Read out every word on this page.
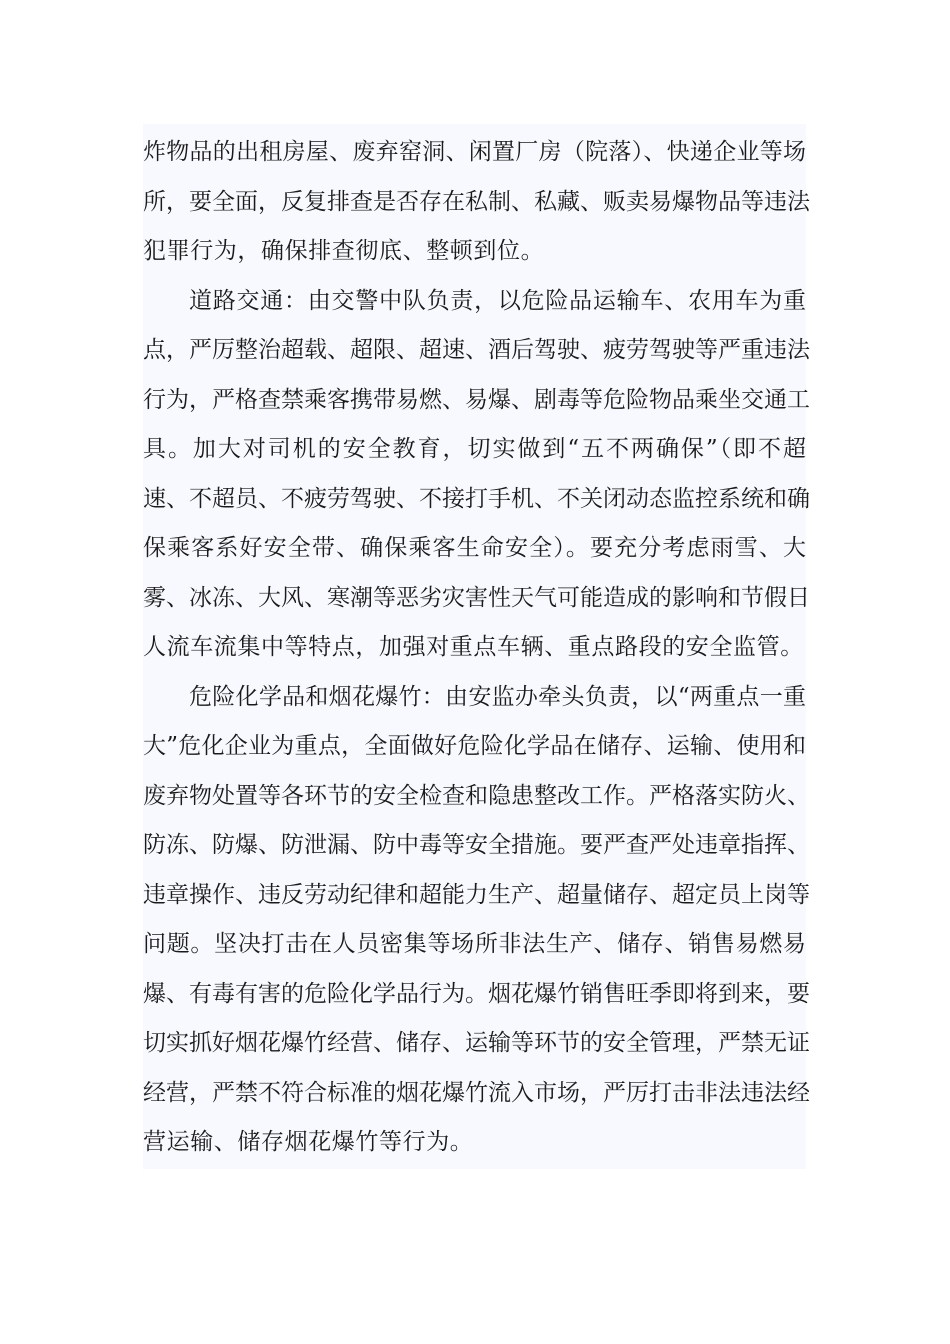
炸物品的出租房屋、废弃窑洞、闲置厂房（院落）、快递企业等场
所，要全面，反复排查是否存在私制、私藏、贩卖易爆物品等违法
犯罪行为，确保排查彻底、整顿到位。
道路交通：由交警中队负责，以危险品运输车、农用车为重
点，严厉整治超载、超限、超速、酒后驾驶、疲劳驾驶等严重违法
行为，严格查禁乘客携带易燃、易爆、剧毒等危险物品乘坐交通工
具。加大对司机的安全教育，切实做到“五不两确保”（即不超
速、不超员、不疲劳驾驶、不接打手机、不关闭动态监控系统和确
保乘客系好安全带、确保乘客生命安全）。要充分考虑雨雪、大
雾、冰冻、大风、寒潮等恶劣灾害性天气可能造成的影响和节假日
人流车流集中等特点，加强对重点车辆、重点路段的安全监管。
危险化学品和烟花爆竹：由安监办牵头负责，以“两重点一重
大”危化企业为重点，全面做好危险化学品在储存、运输、使用和
废弃物处置等各环节的安全检查和隐患整改工作。严格落实防火、
防冻、防爆、防泄漏、防中毒等安全措施。要严查严处违章指挥、
违章操作、违反劳动纪律和超能力生产、超量储存、超定员上岗等
问题。坚决打击在人员密集等场所非法生产、储存、销售易燃易
爆、有毒有害的危险化学品行为。烟花爆竹销售旺季即将到来，要
切实抓好烟花爆竹经营、储存、运输等环节的安全管理，严禁无证
经营，严禁不符合标准的烟花爆竹流入市场，严厉打击非法违法经
营运输、储存烟花爆竹等行为。
